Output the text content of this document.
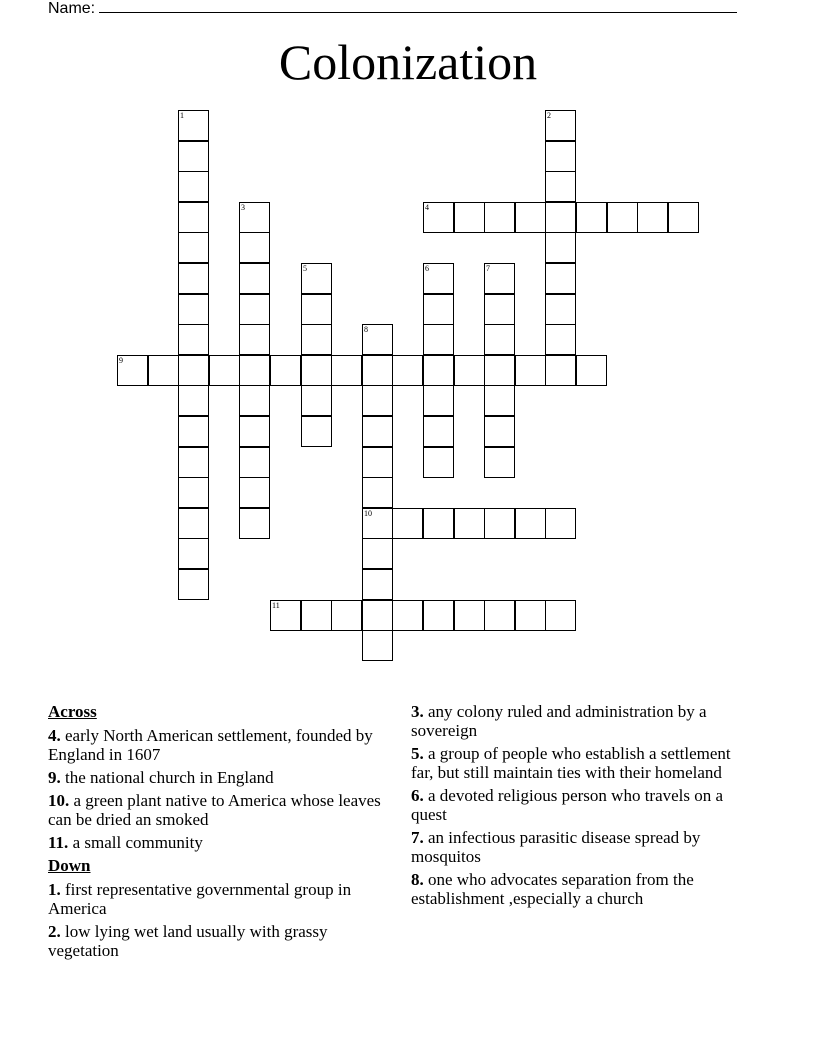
Name:
Colonization
1	2
3	4
5	6	7
8
10
9
11
Across
4. early North American settlement, founded by England in 1607
9. the national church in England
10. a green plant native to America whose leaves can be dried an smoked
11. a small community
Down
1. first representative governmental group in America
2. low lying wet land usually with grassy vegetation
3. any colony ruled and administration by a sovereign
5. a group of people who establish a settlement far, but still maintain ties with their homeland
6. a devoted religious person who travels on a quest
7. an infectious parasitic disease spread by mosquitos
8. one who advocates separation from the establishment ,especially a church
